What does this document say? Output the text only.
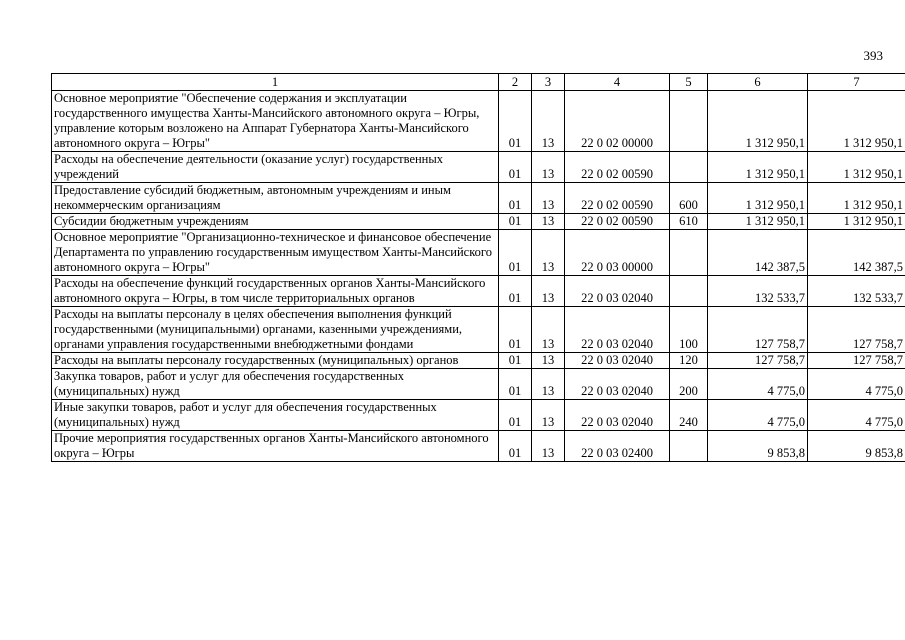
393
1	2	3	4	5	6	7
Основное мероприятие "Обеспечение содержания и эксплуатации государственного имущества Ханты-Мансийского автономного округа – Югры, управление которым возложено на Аппарат Губернатора Ханты-Мансийского автономного округа – Югры"	01	13	22 0 02 00000		1 312 950,1	1 312 950,1
Расходы на обеспечение деятельности (оказание услуг) государственных учреждений	01	13	22 0 02 00590		1 312 950,1	1 312 950,1
Предоставление субсидий бюджетным, автономным учреждениям и иным некоммерческим организациям	01	13	22 0 02 00590	600	1 312 950,1	1 312 950,1
Субсидии бюджетным учреждениям	01	13	22 0 02 00590	610	1 312 950,1	1 312 950,1
Основное мероприятие "Организационно-техническое и финансовое обеспечение Департамента по управлению государственным имуществом Ханты-Мансийского автономного округа – Югры"	01	13	22 0 03 00000		142 387,5	142 387,5
Расходы на обеспечение функций государственных органов Ханты-Мансийского автономного округа – Югры, в том числе территориальных органов	01	13	22 0 03 02040		132 533,7	132 533,7
Расходы на выплаты персоналу в целях обеспечения выполнения функций государственными (муниципальными) органами, казенными учреждениями, органами управления государственными внебюджетными фондами	01	13	22 0 03 02040	100	127 758,7	127 758,7
Расходы на выплаты персоналу государственных (муниципальных) органов	01	13	22 0 03 02040	120	127 758,7	127 758,7
Закупка товаров, работ и услуг для обеспечения государственных (муниципальных) нужд	01	13	22 0 03 02040	200	4 775,0	4 775,0
Иные закупки товаров, работ и услуг для обеспечения государственных (муниципальных) нужд	01	13	22 0 03 02040	240	4 775,0	4 775,0
Прочие мероприятия государственных органов Ханты-Мансийского автономного округа – Югры	01	13	22 0 03 02400		9 853,8	9 853,8
